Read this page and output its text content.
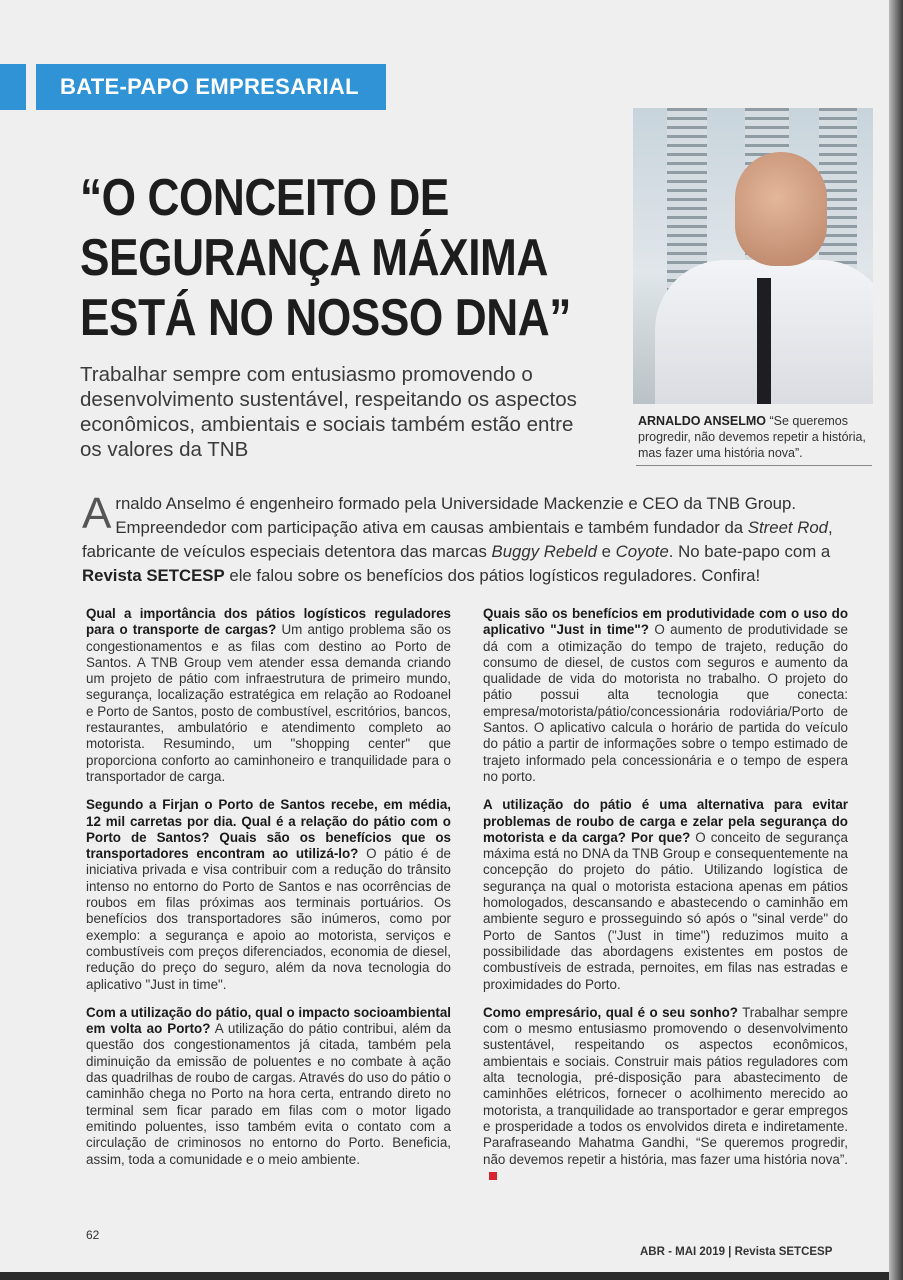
BATE-PAPO EMPRESARIAL
“O CONCEITO DE
SEGURANÇA MÁXIMA
ESTÁ NO NOSSO DNA”
Trabalhar sempre com entusiasmo promovendo o desenvolvimento sustentável, respeitando os aspectos econômicos, ambientais e sociais também estão entre os valores da TNB
ARNALDO ANSELMO “Se queremos progredir, não devemos repetir a história, mas fazer uma história nova”.
Arnaldo Anselmo é engenheiro formado pela Universidade Mackenzie e CEO da TNB Group. Empreendedor com participação ativa em causas ambientais e também fundador da Street Rod, fabricante de veículos especiais detentora das marcas Buggy Rebeld e Coyote. No bate-papo com a Revista SETCESP ele falou sobre os benefícios dos pátios logísticos reguladores. Confira!

Qual a importância dos pátios logísticos reguladores para o transporte de cargas? Um antigo problema são os congestionamentos e as filas com destino ao Porto de Santos. A TNB Group vem atender essa demanda criando um projeto de pátio com infraestrutura de primeiro mundo, segurança, localização estratégica em relação ao Rodoanel e Porto de Santos, posto de combustível, escritórios, bancos, restaurantes, ambulatório e atendimento completo ao motorista. Resumindo, um "shopping center" que proporciona conforto ao caminhoneiro e tranquilidade para o transportador de carga.

Segundo a Firjan o Porto de Santos recebe, em média, 12 mil carretas por dia. Qual é a relação do pátio com o Porto de Santos? Quais são os benefícios que os transportadores encontram ao utilizá-lo? O pátio é de iniciativa privada e visa contribuir com a redução do trânsito intenso no entorno do Porto de Santos e nas ocorrências de roubos em filas próximas aos terminais portuários. Os benefícios dos transportadores são inúmeros, como por exemplo: a segurança e apoio ao motorista, serviços e combustíveis com preços diferenciados, economia de diesel, redução do preço do seguro, além da nova tecnologia do aplicativo "Just in time".

Com a utilização do pátio, qual o impacto socioambiental em volta ao Porto? A utilização do pátio contribui, além da questão dos congestionamentos já citada, também pela diminuição da emissão de poluentes e no combate à ação das quadrilhas de roubo de cargas. Através do uso do pátio o caminhão chega no Porto na hora certa, entrando direto no terminal sem ficar parado em filas com o motor ligado emitindo poluentes, isso também evita o contato com a circulação de criminosos no entorno do Porto. Beneficia, assim, toda a comunidade e o meio ambiente.

Quais são os benefícios em produtividade com o uso do aplicativo "Just in time"? O aumento de produtividade se dá com a otimização do tempo de trajeto, redução do consumo de diesel, de custos com seguros e aumento da qualidade de vida do motorista no trabalho. O projeto do pátio possui alta tecnologia que conecta: empresa/motorista/pátio/concessionária rodoviária/Porto de Santos. O aplicativo calcula o horário de partida do veículo do pátio a partir de informações sobre o tempo estimado de trajeto informado pela concessionária e o tempo de espera no porto.

A utilização do pátio é uma alternativa para evitar problemas de roubo de carga e zelar pela segurança do motorista e da carga? Por que? O conceito de segurança máxima está no DNA da TNB Group e consequentemente na concepção do projeto do pátio. Utilizando logística de segurança na qual o motorista estaciona apenas em pátios homologados, descansando e abastecendo o caminhão em ambiente seguro e prosseguindo só após o "sinal verde" do Porto de Santos ("Just in time") reduzimos muito a possibilidade das abordagens existentes em postos de combustíveis de estrada, pernoites, em filas nas estradas e proximidades do Porto.

Como empresário, qual é o seu sonho? Trabalhar sempre com o mesmo entusiasmo promovendo o desenvolvimento sustentável, respeitando os aspectos econômicos, ambientais e sociais. Construir mais pátios reguladores com alta tecnologia, pré-disposição para abastecimento de caminhões elétricos, fornecer o acolhimento merecido ao motorista, a tranquilidade ao transportador e gerar empregos e prosperidade a todos os envolvidos direta e indiretamente. Parafraseando Mahatma Gandhi, “Se queremos progredir, não devemos repetir a história, mas fazer uma história nova”.

62
ABR - MAI 2019 | Revista SETCESP
